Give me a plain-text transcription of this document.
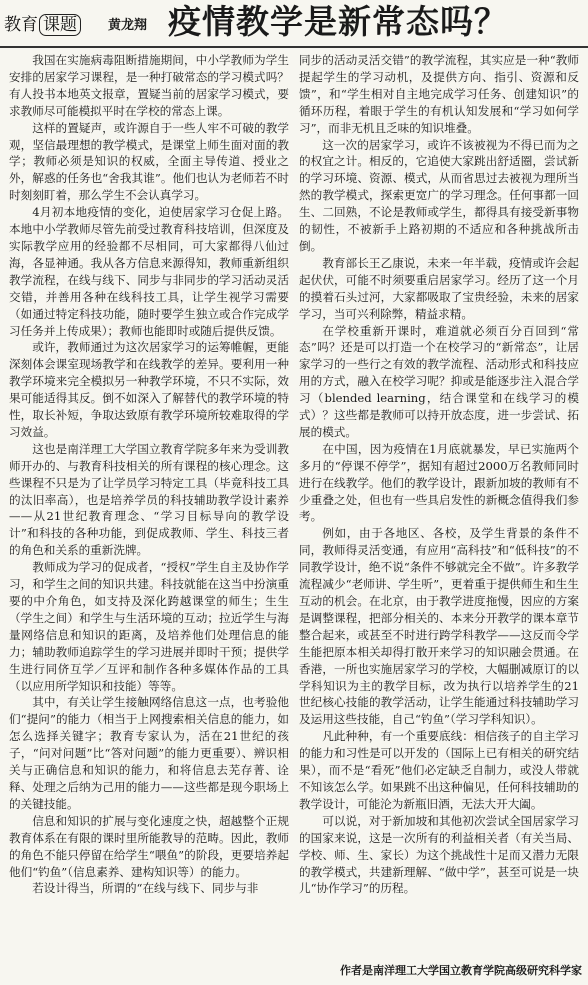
教育 课题	黄龙翔 疫情教学是新常态吗？

我国在实施病毒阻断措施期间，中小学教师为学生安排的居家学习课程，是一种打破常态的学习模式吗？有人投书本地英文报章，置疑当前的居家学习模式，要求教师尽可能模拟平时在学校的常态上课。

这样的置疑声，或许源自于一些人牢不可破的教学观，坚信最理想的教学模式，是课堂上师生面对面的教学；教师必须是知识的权威，全面主导传道、授业之外，解惑的任务也“舍我其谁”。他们也认为老师若不时时刻刻盯着，那么学生不会认真学习。

4月初本地疫情的变化，迫使居家学习仓促上路。本地中小学教师尽管先前受过教育科技培训，但深度及实际教学应用的经验都不尽相同，可大家都得八仙过海，各显神通。我从各方信息来源得知，教师重新组织教学流程，在线与线下、同步与非同步的学习活动灵活交错，并善用各种在线科技工具，让学生视学习需要（如通过特定科技功能，随时要学生独立或合作完成学习任务并上传成果）；教师也能即时或随后提供反馈。

或许，教师通过为这次居家学习的运筹帷幄，更能深刻体会课室现场教学和在线教学的差异。要利用一种教学环境来完全模拟另一种教学环境，不只不实际，效果可能适得其反。倒不如深入了解替代的教学环境的特性，取长补短，争取达致原有教学环境所较难取得的学习效益。

这也是南洋理工大学国立教育学院多年来为受训教师开办的、与教育科技相关的所有课程的核心理念。这些课程不只是为了让学员学习特定工具（毕竟科技工具的汰旧率高），也是培养学员的科技辅助教学设计素养——从21世纪教育理念、“学习目标导向的教学设计”和科技的各种功能，到促成教师、学生、科技三者的角色和关系的重新洗牌。

教师成为学习的促成者，“授权”学生自主及协作学习，和学生之间的知识共建。科技就能在这当中扮演重要的中介角色，如支持及深化跨越课堂的师生；生生（学生之间）和学生与生活环境的互动；拉近学生与海量网络信息和知识的距离，及培养他们处理信息的能力；辅助教师追踪学生的学习进展并即时干预；提供学生进行同侪互学／互评和制作各种多媒体作品的工具（以应用所学知识和技能）等等。

其中，有关让学生接触网络信息这一点，也考验他们“提问”的能力（相当于上网搜索相关信息的能力，如怎么选择关键字；教育专家认为，活在21世纪的孩子，“问对问题”比“答对问题”的能力更重要）、辨识相关与正确信息和知识的能力，和将信息去芜存菁、诠释、处理之后纳为己用的能力——这些都是现今职场上的关键技能。

信息和知识的扩展与变化速度之快，超越整个正规教育体系在有限的课时里所能教导的范畴。因此，教师的角色不能只停留在给学生“喂鱼”的阶段，更要培养起他们“钓鱼”（信息素养、建构知识等）的能力。

若设计得当，所谓的“在线与线下、同步与非

同步的活动灵活交错”的教学流程，其实应是一种“教师提起学生的学习动机，及提供方向、指引、资源和反馈”，和“学生相对自主地完成学习任务、创建知识”的循环历程，着眼于学生的有机认知发展和“学习如何学习”，而非无机且乏味的知识堆叠。

这一次的居家学习，或许不该被视为不得已而为之的权宜之计。相反的，它追使大家跳出舒适圈，尝试新的学习环境、资源、模式，从而省思过去被视为理所当然的教学模式，探索更宽广的学习理念。任何事都一回生、二回熟，不论是教师或学生，都得具有接受新事物的韧性，不被新手上路初期的不适应和各种挑战所击倒。

教育部长王乙康说，未来一年半载，疫情或许会起起伏伏，可能不时须要重启居家学习。经历了这一个月的摸着石头过河，大家都吸取了宝贵经验，未来的居家学习，当可兴利除弊，精益求精。

在学校重新开课时，难道就必须百分百回到“常态”吗？还是可以打造一个在校学习的“新常态”，让居家学习的一些行之有效的教学流程、活动形式和科技应用的方式，融入在校学习呢？抑或是能逐步注入混合学习（blended learning，结合课堂和在线学习的模式）？这些都是教师可以持开放态度，进一步尝试、拓展的模式。

在中国，因为疫情在1月底就暴发，早已实施两个多月的“停课不停学”，据知有超过2000万名教师同时进行在线教学。他们的教学设计，跟新加坡的教师有不少重叠之处，但也有一些具启发性的新概念值得我们参考。

例如，由于各地区、各校，及学生背景的条件不同，教师得灵活变通，有应用“高科技”和“低科技”的不同教学设计，绝不说“条件不够就完全不做”。许多教学流程减少“老师讲、学生听”，更着重于提供师生和生生互动的机会。在北京，由于教学进度拖慢，因应的方案是调整课程，把部分相关的、本来分开教学的课本章节整合起来，或甚至不时进行跨学科教学——这反而令学生能把原本相关却得打散开来学习的知识融会贯通。在香港，一所也实施居家学习的学校，大幅删减原订的以学科知识为主的教学目标，改为执行以培养学生的21世纪核心技能的教学活动，让学生能通过科技辅助学习及运用这些技能，自己“钓鱼”（学习学科知识）。

凡此种种，有一个重要底线：相信孩子的自主学习的能力和习性是可以开发的（国际上已有相关的研究结果），而不是“看死”他们必定缺乏自制力，或没人带就不知该怎么学。如果跳不出这种偏见，任何科技辅助的教学设计，可能沦为新瓶旧酒，无法大开大阖。

可以说，对于新加坡和其他初次尝试全国居家学习的国家来说，这是一次所有的利益相关者（有关当局、学校、师、生、家长）为这个挑战性十足而又潜力无限的教学模式，共建新理解、“做中学”，甚至可说是一块儿“协作学习”的历程。

作者是南洋理工大学国立教育学院高级研究科学家
